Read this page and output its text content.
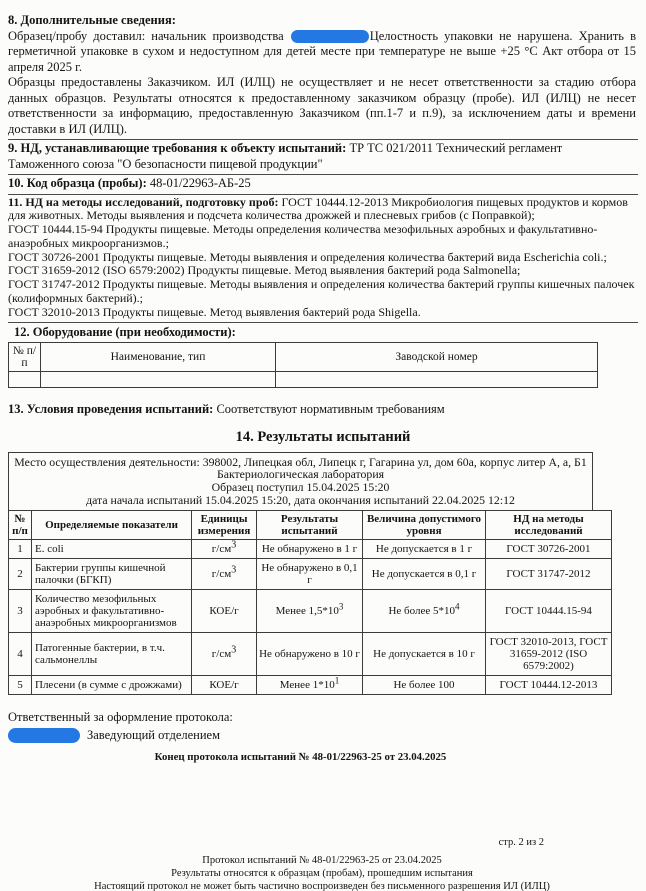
8. Дополнительные сведения:

Образец/пробу доставил: начальник производства	Целостность упаковки не нарушена. Хранить в герметичной упаковке в сухом и недоступном для детей месте при температуре не выше +25 °C Акт отбора от 15 апреля 2025 г.

Образцы предоставлены Заказчиком. ИЛ (ИЛЦ) не осуществляет и не несет ответственности за стадию отбора данных образцов. Результаты относятся к предоставленному заказчиком образцу (пробе). ИЛ (ИЛЦ) не несет ответственности за информацию, предоставленную Заказчиком (пп.1-7 и п.9), за исключением даты и времени доставки в ИЛ (ИЛЦ).

9. НД, устанавливающие требования к объекту испытаний: ТР ТС 021/2011 Технический регламент Таможенного союза "О безопасности пищевой продукции"
10. Код образца (пробы): 48-01/22963-АБ-25
11. НД на методы исследований, подготовку проб: ГОСТ 10444.12-2013 Микробиология пищевых продуктов и кормов для животных. Методы выявления и подсчета количества дрожжей и плесневых грибов (с Поправкой);
ГОСТ 10444.15-94 Продукты пищевые. Методы определения количества мезофильных аэробных и факультативно-анаэробных микроорганизмов.;
ГОСТ 30726-2001 Продукты пищевые. Методы выявления и определения количества бактерий вида Escherichia coli.;
ГОСТ 31659-2012 (ISO 6579:2002) Продукты пищевые. Метод выявления бактерий рода Salmonella;
ГОСТ 31747-2012 Продукты пищевые. Методы выявления и определения количества бактерий группы кишечных палочек (колиформных бактерий).;
ГОСТ 32010-2013 Продукты пищевые. Метод выявления бактерий рода Shigella.
12. Оборудование (при необходимости):
№ п/п	Наименование, тип	Заводской номер

13. Условия проведения испытаний: Соответствуют нормативным требованиям
14. Результаты испытаний
Место осуществления деятельности: 398002, Липецкая обл, Липецк г, Гагарина ул, дом 60а, корпус литер А, а, Б1
Бактериологическая лаборатория
Образец поступил 15.04.2025 15:20
дата начала испытаний 15.04.2025 15:20, дата окончания испытаний 22.04.2025 12:12
№ п/п	Определяемые показатели	Единицы измерения	Результаты испытаний	Величина допустимого уровня	НД на методы исследований
1	E. coli	$г/см^3$	Не обнаружено в 1 г	Не допускается в 1 г	ГОСТ 30726-2001
2	Бактерии группы кишечной палочки (БГКП)	$г/см^3$	Не обнаружено в 0,1 г	Не допускается в 0,1 г	ГОСТ 31747-2012
3	Количество мезофильных аэробных и факультативно-анаэробных микроорганизмов	КОЕ/г	Менее $1,5*10^3$	Не более $5*10^4$	ГОСТ 10444.15-94
4	Патогенные бактерии, в т.ч. сальмонеллы	$г/см^3$	Не обнаружено в 10 г	Не допускается в 10 г	ГОСТ 32010-2013, ГОСТ 31659-2012 (ISO 6579:2002)
5	Плесени (в сумме с дрожжами)	КОЕ/г	Менее $1*10^1$	Не более 100	ГОСТ 10444.12-2013
Ответственный за оформление протокола:
Заведующий отделением
Конец протокола испытаний № 48-01/22963-25 от 23.04.2025
стр. 2 из 2
Протокол испытаний № 48-01/22963-25 от 23.04.2025
Результаты относятся к образцам (пробам), прошедшим испытания
Настоящий протокол не может быть частично воспроизведен без письменного разрешения ИЛ (ИЛЦ)
